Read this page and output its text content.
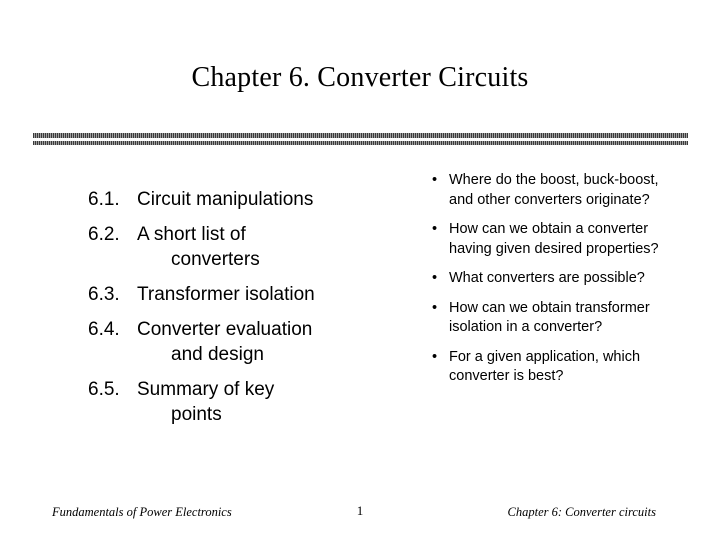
Chapter 6. Converter Circuits
6.1. Circuit manipulations
6.2. A short list of
converters
6.3. Transformer isolation
6.4. Converter evaluation
and design
6.5. Summary of key
points
• Where do the boost, buck-boost, and other converters originate?
• How can we obtain a converter having given desired properties?
• What converters are possible?
• How can we obtain transformer isolation in a converter?
• For a given application, which converter is best?
Fundamentals of Power Electronics	1	Chapter 6: Converter circuits
